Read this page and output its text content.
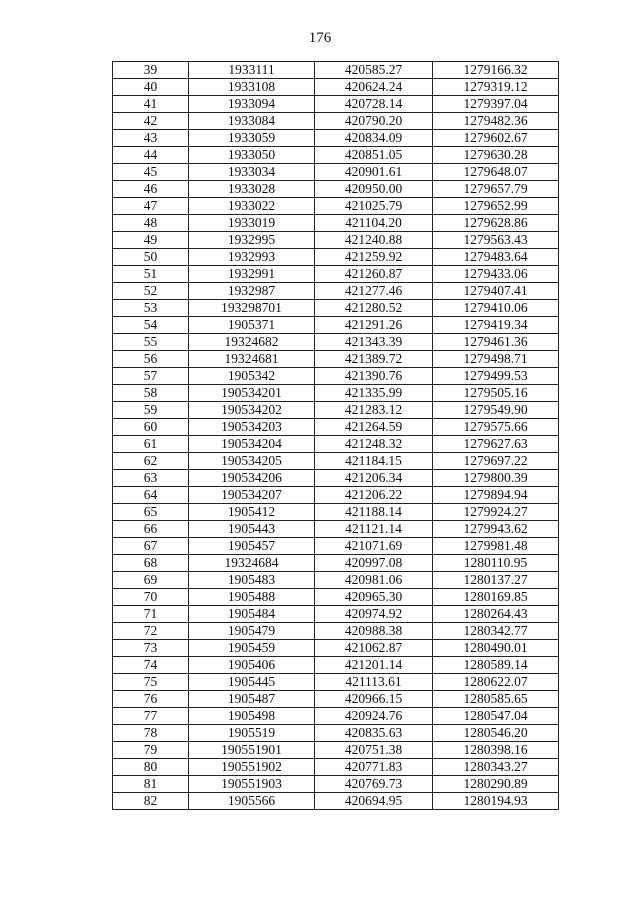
176
39	1933111	420585.27	1279166.32
40	1933108	420624.24	1279319.12
41	1933094	420728.14	1279397.04
42	1933084	420790.20	1279482.36
43	1933059	420834.09	1279602.67
44	1933050	420851.05	1279630.28
45	1933034	420901.61	1279648.07
46	1933028	420950.00	1279657.79
47	1933022	421025.79	1279652.99
48	1933019	421104.20	1279628.86
49	1932995	421240.88	1279563.43
50	1932993	421259.92	1279483.64
51	1932991	421260.87	1279433.06
52	1932987	421277.46	1279407.41
53	193298701	421280.52	1279410.06
54	1905371	421291.26	1279419.34
55	19324682	421343.39	1279461.36
56	19324681	421389.72	1279498.71
57	1905342	421390.76	1279499.53
58	190534201	421335.99	1279505.16
59	190534202	421283.12	1279549.90
60	190534203	421264.59	1279575.66
61	190534204	421248.32	1279627.63
62	190534205	421184.15	1279697.22
63	190534206	421206.34	1279800.39
64	190534207	421206.22	1279894.94
65	1905412	421188.14	1279924.27
66	1905443	421121.14	1279943.62
67	1905457	421071.69	1279981.48
68	19324684	420997.08	1280110.95
69	1905483	420981.06	1280137.27
70	1905488	420965.30	1280169.85
71	1905484	420974.92	1280264.43
72	1905479	420988.38	1280342.77
73	1905459	421062.87	1280490.01
74	1905406	421201.14	1280589.14
75	1905445	421113.61	1280622.07
76	1905487	420966.15	1280585.65
77	1905498	420924.76	1280547.04
78	1905519	420835.63	1280546.20
79	190551901	420751.38	1280398.16
80	190551902	420771.83	1280343.27
81	190551903	420769.73	1280290.89
82	1905566	420694.95	1280194.93
